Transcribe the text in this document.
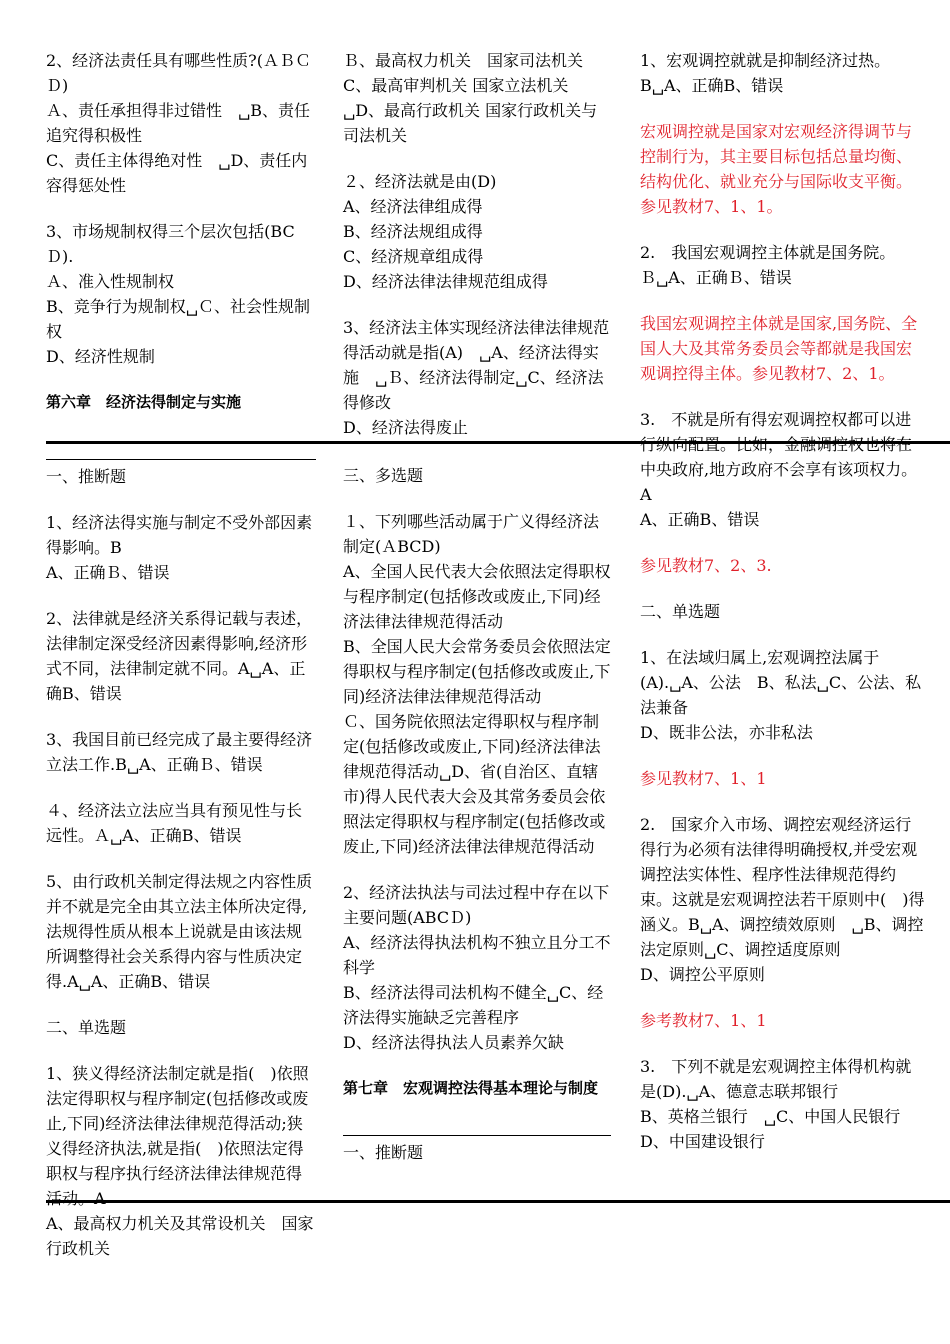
2、经济法责任具有哪些性质?(ＡＢＣＤ)

Ａ、责任承担得非过错性　␣B、责任追究得积极性

C、责任主体得绝对性　␣D、责任内容得惩处性

3、市场规制权得三个层次包括(BCＤ).

Ａ、准入性规制权

B、竞争行为规制权␣Ｃ、社会性规制权

D、经济性规制

第六章　经济法得制定与实施

一、推断题

1、经济法得实施与制定不受外部因素得影响。B

A、正确Ｂ、错误

2、法律就是经济关系得记载与表述，法律制定深受经济因素得影响,经济形式不同，法律制定就不同。A␣A、正确B、错误

3、我国目前已经完成了最主要得经济立法工作.B␣A、正确Ｂ、错误

４、经济法立法应当具有预见性与长远性。Ａ␣A、正确B、错误

5、由行政机关制定得法规之内容性质并不就是完全由其立法主体所决定得,法规得性质从根本上说就是由该法规所调整得社会关系得内容与性质决定得.A␣A、正确B、错误

二、单选题

1、狭义得经济法制定就是指(　)依照法定得职权与程序制定(包括修改或废止,下同)经济法律法律规范得活动;狭义得经济执法,就是指(　)依照法定得职权与程序执行经济法律法律规范得活动。A

A、最高权力机关及其常设机关　国家行政机关

Ｂ、最高权力机关　国家司法机关

C、最高审判机关 国家立法机关

␣D、最高行政机关 国家行政机关与司法机关

２、经济法就是由(D)

A、经济法律组成得

B、经济法规组成得

C、经济规章组成得

D、经济法律法律规范组成得

3、经济法主体实现经济法律法律规范得活动就是指(A)　␣A、经济法得实施　␣Ｂ、经济法得制定␣C、经济法得修改

D、经济法得废止

三、多选题

１、下列哪些活动属于广义得经济法制定(ＡBCD)

A、全国人民代表大会依照法定得职权与程序制定(包括修改或废止,下同)经济法律法律规范得活动

B、全国人民大会常务委员会依照法定得职权与程序制定(包括修改或废止,下同)经济法律法律规范得活动

Ｃ、国务院依照法定得职权与程序制定(包括修改或废止,下同)经济法律法律规范得活动␣D、省(自治区、直辖市)得人民代表大会及其常务委员会依照法定得职权与程序制定(包括修改或废止,下同)经济法律法律规范得活动

2、经济法执法与司法过程中存在以下主要问题(ABCＤ)

A、经济法得执法机构不独立且分工不科学

B、经济法得司法机构不健全␣C、经济法得实施缺乏完善程序

D、经济法得执法人员素养欠缺

第七章　宏观调控法得基本理论与制度

一、推断题

1、宏观调控就就是抑制经济过热。

B␣A、正确B、错误

宏观调控就是国家对宏观经济得调节与控制行为，其主要目标包括总量均衡、结构优化、就业充分与国际收支平衡。参见教材7、1、1。

2.　我国宏观调控主体就是国务院。

Ｂ␣A、正确Ｂ、错误

我国宏观调控主体就是国家,国务院、全国人大及其常务委员会等都就是我国宏观调控得主体。参见教材7、2、1。

3.　不就是所有得宏观调控权都可以进行纵向配置。比如，金融调控权也将在中央政府,地方政府不会享有该项权力。A

A、正确B、错误

参见教材7、2、3.

二、单选题

1、在法域归属上,宏观调控法属于(A).␣A、公法　B、私法␣C、公法、私法兼备

D、既非公法，亦非私法

参见教材7、1、1

2.　国家介入市场、调控宏观经济运行得行为必须有法律得明确授权,并受宏观调控法实体性、程序性法律规范得约束。这就是宏观调控法若干原则中(　)得涵义。B␣A、调控绩效原则　␣B、调控法定原则␣C、调控适度原则

D、调控公平原则

参考教材7、1、1

3.　下列不就是宏观调控主体得机构就是(D).␣A、德意志联邦银行

B、英格兰银行　␣C、中国人民银行

D、中国建设银行
